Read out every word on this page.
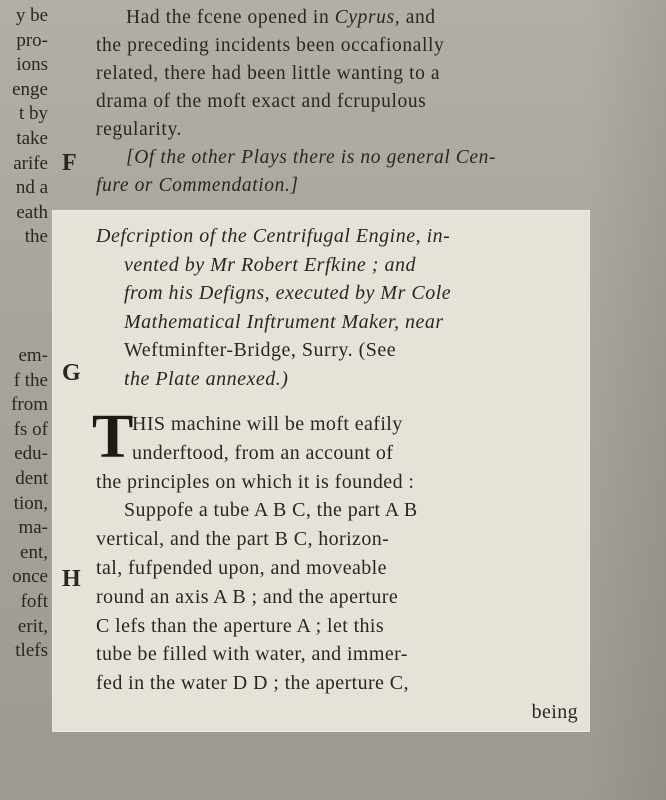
y be
pro-
ions
enge
t by
take
arife
nd a
eath
the
em-
f the
from
fs of
edu-
dent
tion,
ma-
ent,
once
foft
erit,
tlefs
F
G
H
Had the fcene opened in Cyprus, and
the preceding incidents been occafionally
related, there had been little wanting to a
drama of the moft exact and fcrupulous
regularity.
[Of the other Plays there is no general Cen-
fure or Commendation.]
Defcription of the Centrifugal Engine, in-
vented by Mr Robert Erfkine ; and
from his Defigns, executed by Mr Cole
Mathematical Inftrument Maker, near
Weftminfter-Bridge, Surry. (See
the Plate annexed.)
T
HIS machine will be moft eafily
underftood, from an account of
the principles on which it is founded :
Suppofe a tube A B C, the part A B
vertical, and the part B C, horizon-
tal, fufpended upon, and moveable
round an axis A B ; and the aperture
C lefs than the aperture A ; let this
tube be filled with water, and immer-
fed in the water D D ; the aperture C,
being
